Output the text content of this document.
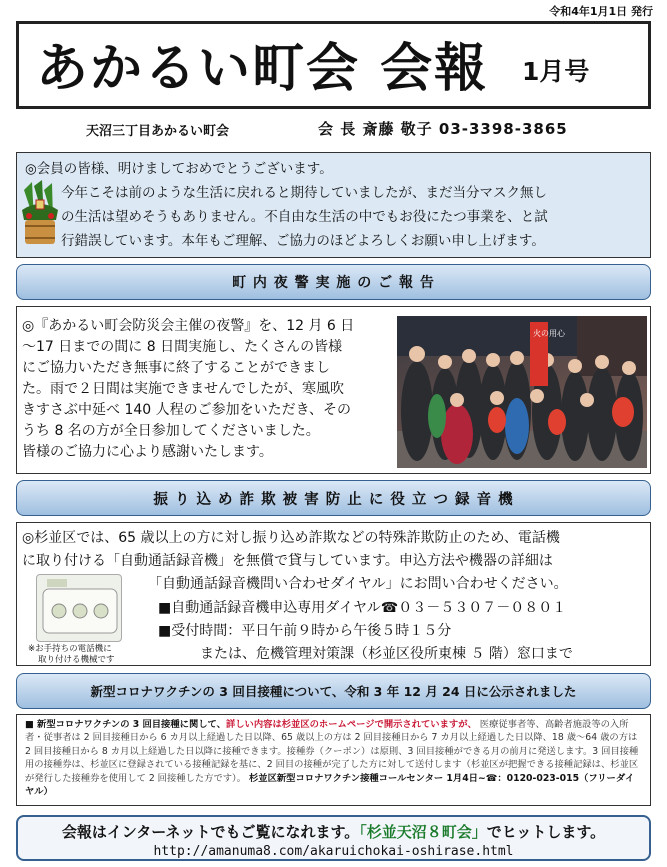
令和4年1月1日 発行
あかるい町会 会報 1月号
天沼三丁目あかるい町会	会 長 斎藤 敬子 03-3398-3865

◎会員の皆様、明けましておめでとうございます。

今年こそは前のような生活に戻れると期待していましたが、まだ当分マスク無し

の生活は望めそうもありません。不自由な生活の中でもお役にたつ事業を、と試

行錯誤しています。本年もご理解、ご協力のほどよろしくお願い申し上げます。

町 内 夜 警 実 施 の ご 報 告
◎『あかるい町会防災会主催の夜警』を、12 月 6 日
～17 日までの間に 8 日間実施し、たくさんの皆様
にご協力いただき無事に終了することができまし
た。雨で２日間は実施できませんでしたが、寒風吹
きすさぶ中延べ 140 人程のご参加をいただき、その
うち 8 名の方が全日参加してくださいました。
皆様のご協力に心より感謝いたします。
火の用心
振 り 込 め 詐 欺 被 害 防 止 に 役 立 つ 録 音 機
◎杉並区では、65 歳以上の方に対し振り込め詐欺などの特殊詐欺防止のため、電話機
に取り付ける「自動通話録音機」を無償で貸与しています。申込方法や機器の詳細は
「自動通話録音機問い合わせダイヤル」にお問い合わせください。
■自動通話録音機申込専用ダイヤル☎０３－５３０７－０８０１
■受付時間：平日午前９時から午後５時１５分
または、危機管理対策課（杉並区役所東棟 ５ 階）窓口まで
※お手持ちの電話機に
取り付ける機械です
新型コロナワクチンの 3 回目接種について、令和 3 年 12 月 24 日に公示されました
■ 新型コロナワクチンの 3 回目接種に関して、詳しい内容は杉並区のホームページで開示されていますが、 医療従事者等、高齢者施設等の入所者・従事者は 2 回目接種日から 6 カ月以上経過した日以降、65 歳以上の方は 2 回目接種日から 7 カ月以上経過した日以降、18 歳～64 歳の方は 2 回目接種日から 8 カ月以上経過した日以降に接種できます。接種券（クーポン）は原則、3 回目接種ができる月の前月に発送します。3 回目接種用の接種券は、杉並区に登録されている接種記録を基に、2 回目の接種が完了した方に対して送付します（杉並区が把握できる接種記録は、杉並区が発行した接種券を使用して 2 回接種した方です）。 杉並区新型コロナワクチン接種コールセンター 1月4日~☎：0120-023-015（フリーダイヤル）
会報はインターネットでもご覧になれます。「杉並天沼８町会」でヒットします。
http://amanuma8.com/akaruichokai-oshirase.html
